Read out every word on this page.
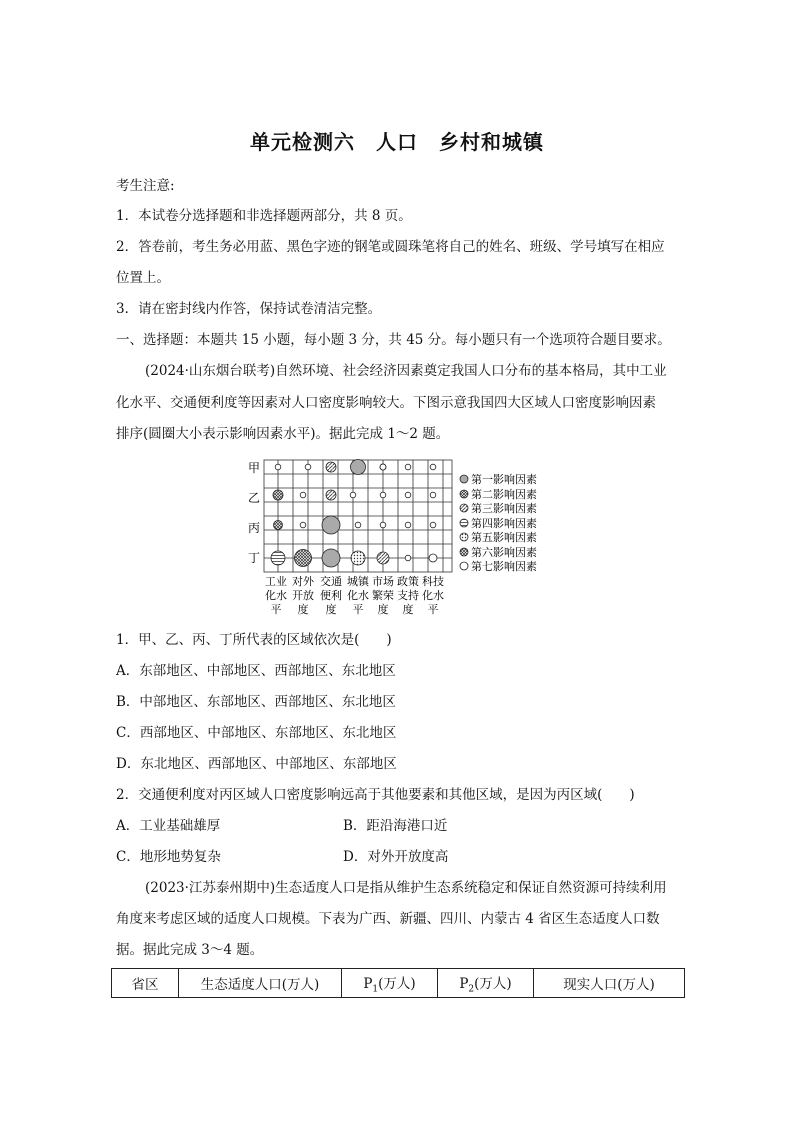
单元检测六　人口　乡村和城镇
考生注意:
1．本试卷分选择题和非选择题两部分，共 8 页。
2．答卷前，考生务必用蓝、黑色字迹的钢笔或圆珠笔将自己的姓名、班级、学号填写在相应
位置上。
3．请在密封线内作答，保持试卷清洁完整。
一、选择题：本题共 15 小题，每小题 3 分，共 45 分。每小题只有一个选项符合题目要求。
(2024·山东烟台联考)自然环境、社会经济因素奠定我国人口分布的基本格局，其中工业
化水平、交通便利度等因素对人口密度影响较大。下图示意我国四大区域人口密度影响因素
排序(圆圈大小表示影响因素水平)。据此完成 1～2 题。
甲
乙
丙
丁
工业
化水
平
对外
开放
度
交通
便利
度
城镇
化水
平
市场
繁荣
度
政策
支持
度
科技
化水
平
第一影响因素
第二影响因素
第三影响因素
第四影响因素
第五影响因素
第六影响因素
第七影响因素
1．甲、乙、丙、丁所代表的区域依次是(　　)
A．东部地区、中部地区、西部地区、东北地区
B．中部地区、东部地区、西部地区、东北地区
C．西部地区、中部地区、东部地区、东北地区
D．东北地区、西部地区、中部地区、东部地区
2．交通便利度对丙区域人口密度影响远高于其他要素和其他区域，是因为丙区域(　　)
A．工业基础雄厚	B．距沿海港口近
C．地形地势复杂	D．对外开放度高
(2023·江苏泰州期中)生态适度人口是指从维护生态系统稳定和保证自然资源可持续利用
角度来考虑区域的适度人口规模。下表为广西、新疆、四川、内蒙古 4 省区生态适度人口数
据。据此完成 3～4 题。
省区	生态适度人口(万人)	$P_1$(万人)	$P_2$(万人)	现实人口(万人)
